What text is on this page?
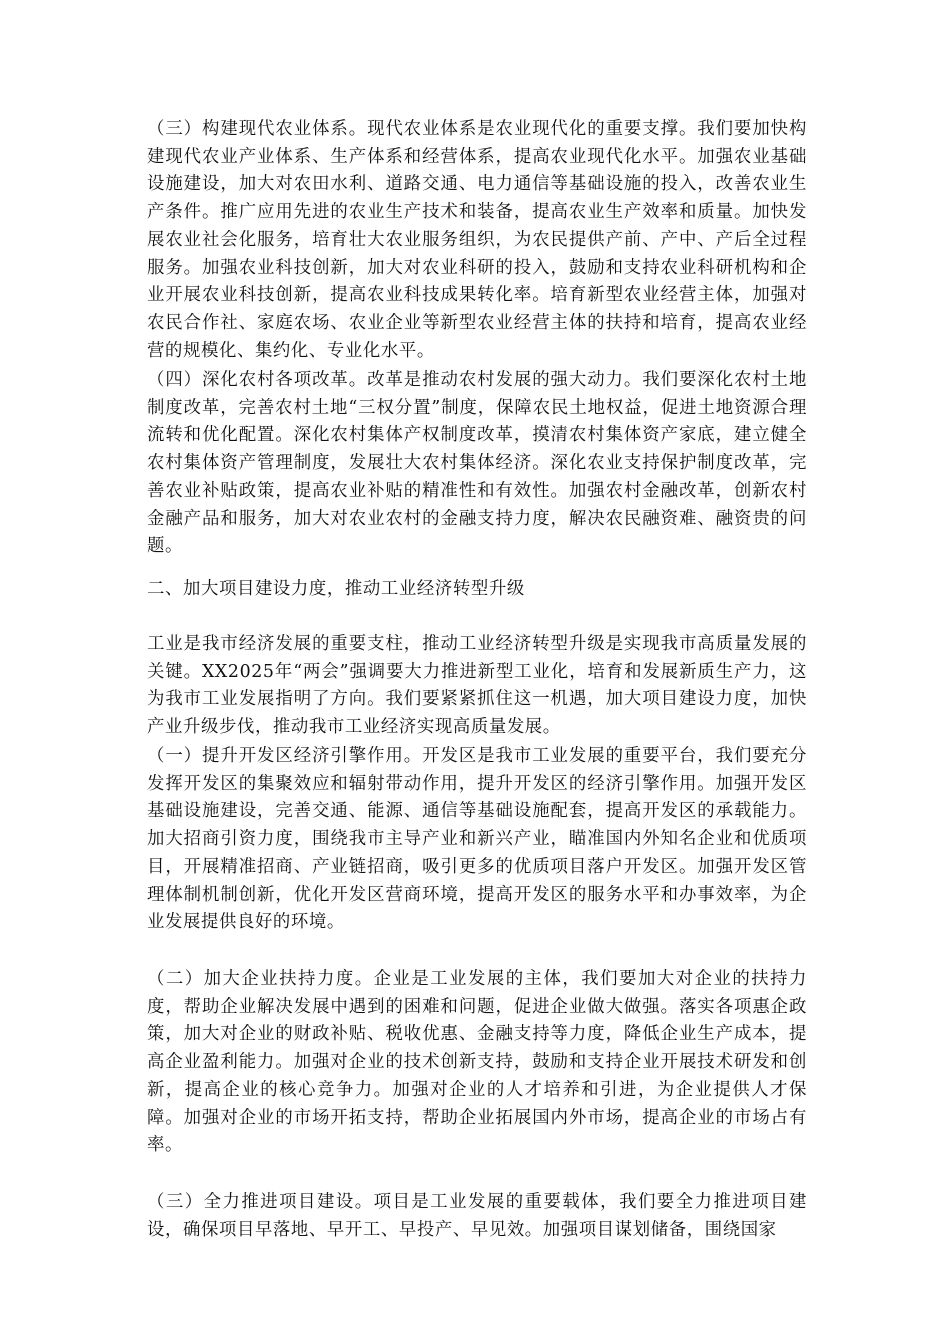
（三）构建现代农业体系。现代农业体系是农业现代化的重要支撑。我们要加快构建现代农业产业体系、生产体系和经营体系，提高农业现代化水平。加强农业基础设施建设，加大对农田水利、道路交通、电力通信等基础设施的投入，改善农业生产条件。推广应用先进的农业生产技术和装备，提高农业生产效率和质量。加快发展农业社会化服务，培育壮大农业服务组织，为农民提供产前、产中、产后全过程服务。加强农业科技创新，加大对农业科研的投入，鼓励和支持农业科研机构和企业开展农业科技创新，提高农业科技成果转化率。培育新型农业经营主体，加强对农民合作社、家庭农场、农业企业等新型农业经营主体的扶持和培育，提高农业经营的规模化、集约化、专业化水平。

（四）深化农村各项改革。改革是推动农村发展的强大动力。我们要深化农村土地制度改革，完善农村土地“三权分置”制度，保障农民土地权益，促进土地资源合理流转和优化配置。深化农村集体产权制度改革，摸清农村集体资产家底，建立健全农村集体资产管理制度，发展壮大农村集体经济。深化农业支持保护制度改革，完善农业补贴政策，提高农业补贴的精准性和有效性。加强农村金融改革，创新农村金融产品和服务，加大对农业农村的金融支持力度，解决农民融资难、融资贵的问题。

二、加大项目建设力度，推动工业经济转型升级

工业是我市经济发展的重要支柱，推动工业经济转型升级是实现我市高质量发展的关键。XX2025年“两会”强调要大力推进新型工业化，培育和发展新质生产力，这为我市工业发展指明了方向。我们要紧紧抓住这一机遇，加大项目建设力度，加快产业升级步伐，推动我市工业经济实现高质量发展。

（一）提升开发区经济引擎作用。开发区是我市工业发展的重要平台，我们要充分发挥开发区的集聚效应和辐射带动作用，提升开发区的经济引擎作用。加强开发区基础设施建设，完善交通、能源、通信等基础设施配套，提高开发区的承载能力。加大招商引资力度，围绕我市主导产业和新兴产业，瞄准国内外知名企业和优质项目，开展精准招商、产业链招商，吸引更多的优质项目落户开发区。加强开发区管理体制机制创新，优化开发区营商环境，提高开发区的服务水平和办事效率，为企业发展提供良好的环境。

（二）加大企业扶持力度。企业是工业发展的主体，我们要加大对企业的扶持力度，帮助企业解决发展中遇到的困难和问题，促进企业做大做强。落实各项惠企政策，加大对企业的财政补贴、税收优惠、金融支持等力度，降低企业生产成本，提高企业盈利能力。加强对企业的技术创新支持，鼓励和支持企业开展技术研发和创新，提高企业的核心竞争力。加强对企业的人才培养和引进，为企业提供人才保障。加强对企业的市场开拓支持，帮助企业拓展国内外市场，提高企业的市场占有率。

（三）全力推进项目建设。项目是工业发展的重要载体，我们要全力推进项目建设，确保项目早落地、早开工、早投产、早见效。加强项目谋划储备，围绕国家
